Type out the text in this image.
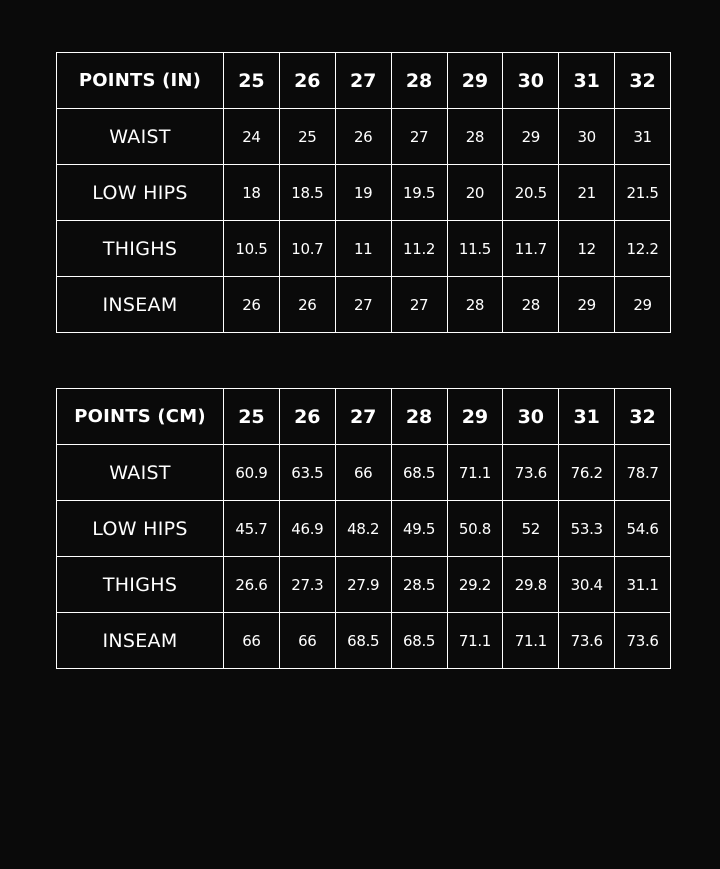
POINTS (IN)	25	26	27	28	29	30	31	32
WAIST	24	25	26	27	28	29	30	31
LOW HIPS	18	18.5	19	19.5	20	20.5	21	21.5
THIGHS	10.5	10.7	11	11.2	11.5	11.7	12	12.2
INSEAM	26	26	27	27	28	28	29	29
POINTS (CM)	25	26	27	28	29	30	31	32
WAIST	60.9	63.5	66	68.5	71.1	73.6	76.2	78.7
LOW HIPS	45.7	46.9	48.2	49.5	50.8	52	53.3	54.6
THIGHS	26.6	27.3	27.9	28.5	29.2	29.8	30.4	31.1
INSEAM	66	66	68.5	68.5	71.1	71.1	73.6	73.6
